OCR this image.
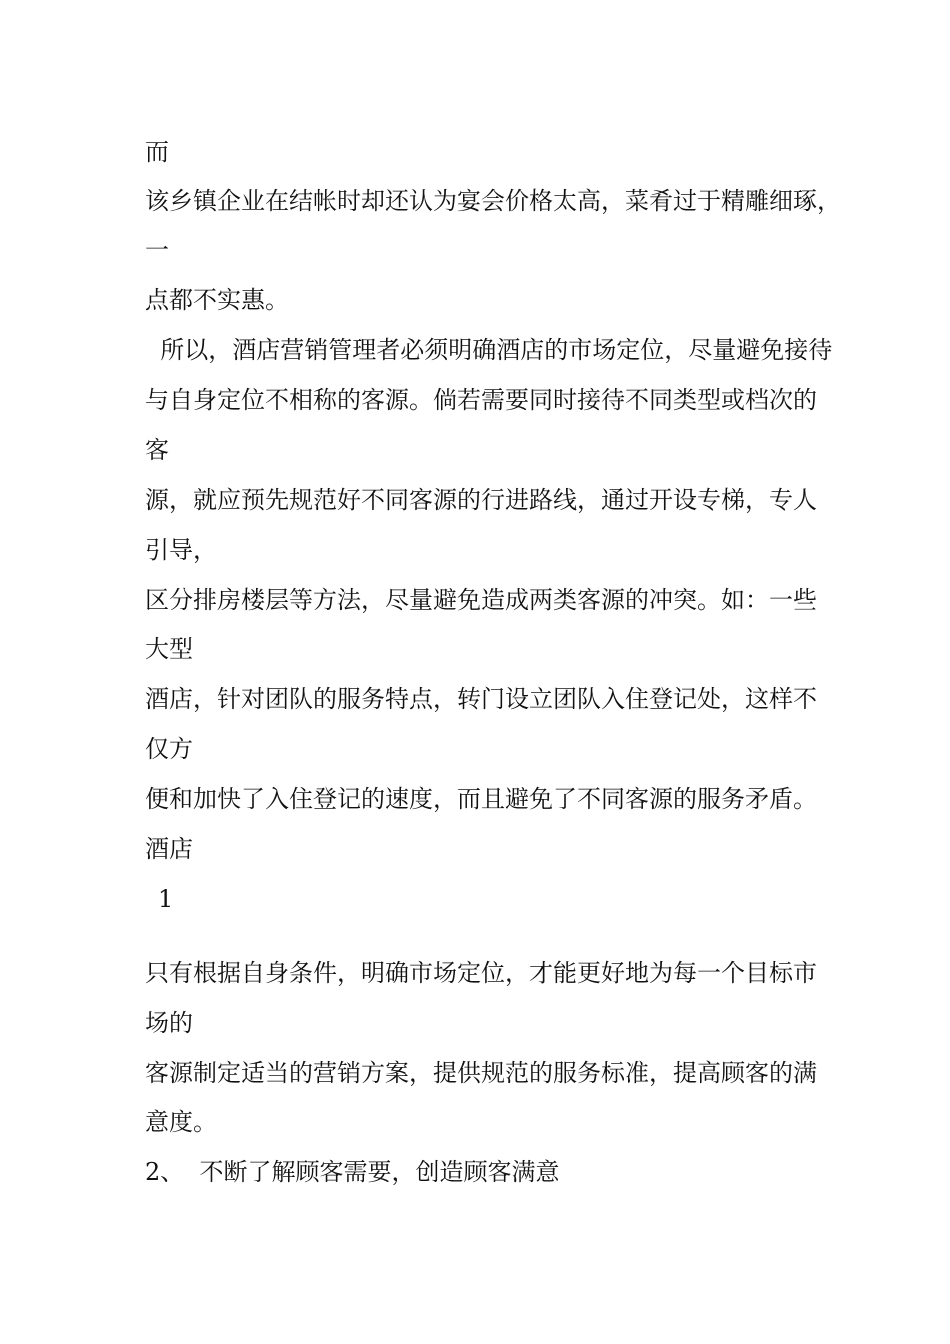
而
该乡镇企业在结帐时却还认为宴会价格太高，菜肴过于精雕细琢，
一
点都不实惠。
所以，酒店营销管理者必须明确酒店的市场定位，尽量避免接待
与自身定位不相称的客源。倘若需要同时接待不同类型或档次的
客
源，就应预先规范好不同客源的行进路线，通过开设专梯，专人
引导，
区分排房楼层等方法，尽量避免造成两类客源的冲突。如：一些
大型
酒店，针对团队的服务特点，转门设立团队入住登记处，这样不
仅方
便和加快了入住登记的速度，而且避免了不同客源的服务矛盾。
酒店
1
只有根据自身条件，明确市场定位，才能更好地为每一个目标市
场的
客源制定适当的营销方案，提供规范的服务标准，提高顾客的满
意度。
2、  不断了解顾客需要，创造顾客满意
